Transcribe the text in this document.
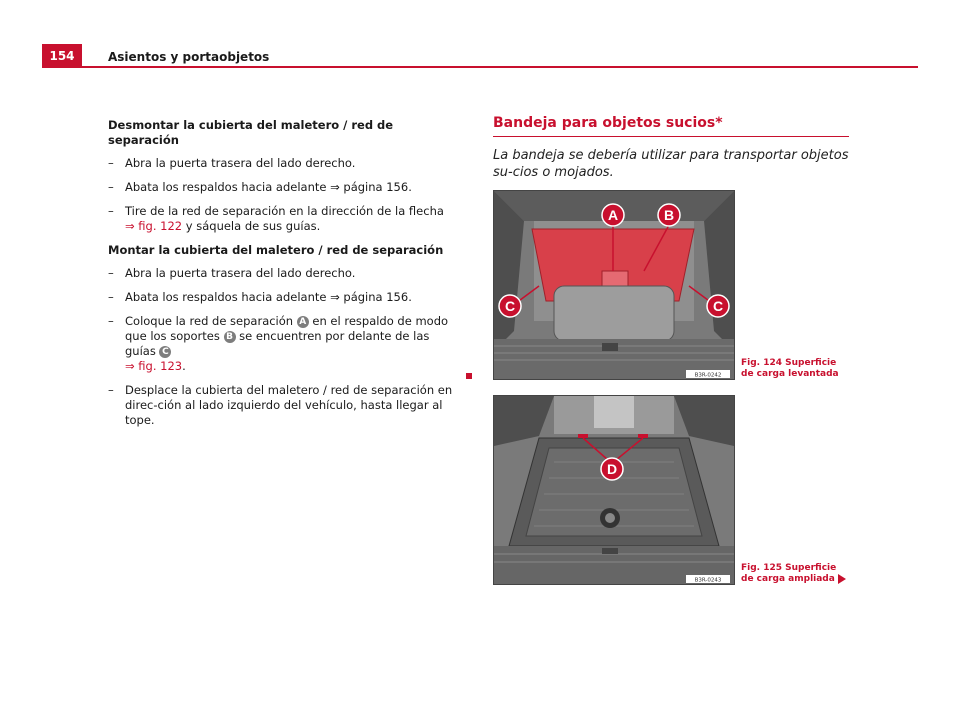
154	Asientos y portaobjetos
Desmontar la cubierta del maletero / red de separación
– Abra la puerta trasera del lado derecho.
– Abata los respaldos hacia adelante ⇒ página 156.
– Tire de la red de separación en la dirección de la flecha
⇒ fig. 122 y sáquela de sus guías.
Montar la cubierta del maletero / red de separación
– Abra la puerta trasera del lado derecho.
– Abata los respaldos hacia adelante ⇒ página 156.
– Coloque la red de separación A en el respaldo de modo que los soportes B se encuentren por delante de las guías C
⇒ fig. 123.
– Desplace la cubierta del maletero / red de separación en direc-ción al lado izquierdo del vehículo, hasta llegar al tope.
Bandeja para objetos sucios*

La bandeja se debería utilizar para transportar objetos su-cios o mojados.

A	B
C	C
B3R-0242
Fig. 124 Superficie de carga levantada
D
B3R-0243
Fig. 125 Superficie de carga ampliada
